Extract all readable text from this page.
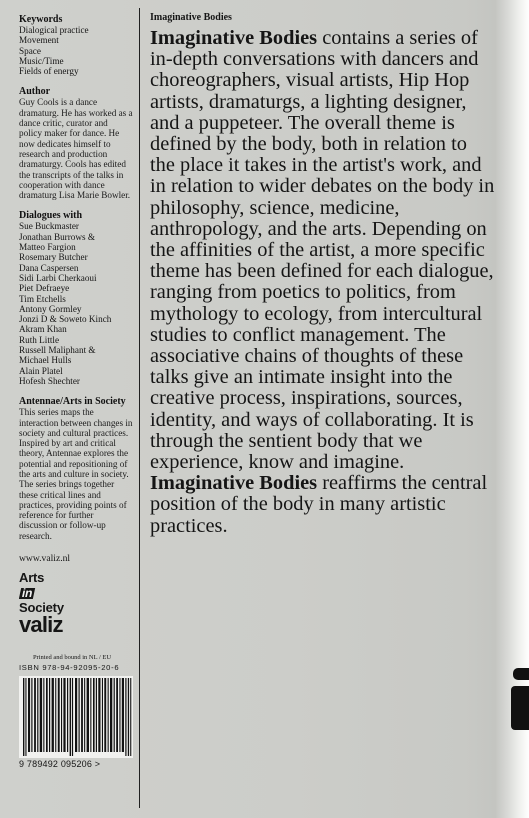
Keywords
Dialogical practice
Movement
Space
Music/Time
Fields of energy
Author

Guy Cools is a dance dramaturg. He has worked as a dance critic, curator and policy maker for dance. He now dedicates himself to research and production dramaturgy. Cools has edited the transcripts of the talks in cooperation with dance dramaturg Lisa Marie Bowler.

Dialogues with
Sue Buckmaster
Jonathan Burrows &
Matteo Fargion
Rosemary Butcher
Dana Caspersen
Sidi Larbi Cherkaoui
Piet Defraeye
Tim Etchells
Antony Gormley
Jonzi D & Soweto Kinch
Akram Khan
Ruth Little
Russell Maliphant &
Michael Hulls
Alain Platel
Hofesh Shechter
Antennae/Arts in Society

This series maps the interaction between changes in society and cultural practices. Inspired by art and critical theory, Antennae explores the potential and repositioning of the arts and culture in society. The series brings together these critical lines and practices, providing points of reference for further discussion or follow-up research.

www.valiz.nl
Arts
in
Society
valiz
Printed and bound in NL / EU
ISBN 978-94-92095-20-6
9 789492 095206 >
Imaginative Bodies

Imaginative Bodies contains a series of in-depth conversations with dancers and choreographers, visual artists, Hip Hop artists, dramaturgs, a lighting designer, and a puppeteer. The overall theme is defined by the body, both in relation to the place it takes in the artist's work, and in relation to wider debates on the body in philosophy, science, medicine, anthropology, and the arts. Depending on the affinities of the artist, a more specific theme has been defined for each dialogue, ranging from poetics to politics, from mythology to ecology, from intercultural studies to conflict management. The associative chains of thoughts of these talks give an intimate insight into the creative process, inspirations, sources, identity, and ways of collaborating. It is through the sentient body that we experience, know and imagine. Imaginative Bodies reaffirms the central position of the body in many artistic practices.
